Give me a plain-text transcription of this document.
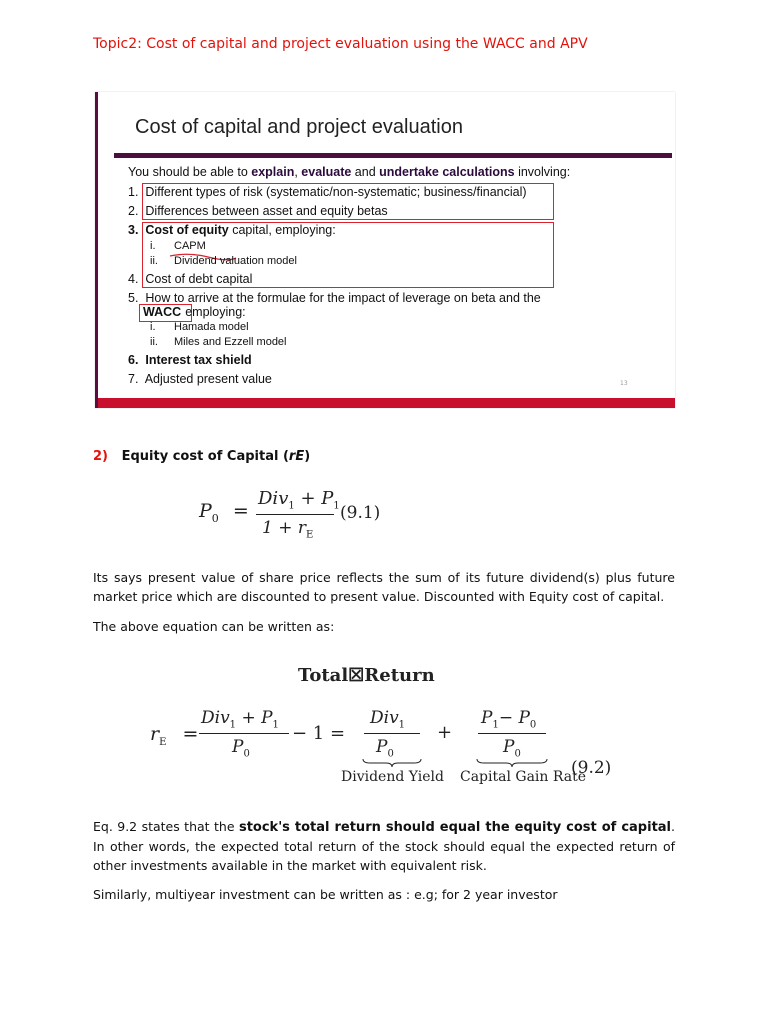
Topic2: Cost of capital and project evaluation using the WACC and APV
Cost of capital and project evaluation
You should be able to explain, evaluate and undertake calculations involving:
1. Different types of risk (systematic/non-systematic; business/financial)
2. Differences between asset and equity betas
3. Cost of equity capital, employing:
i. CAPM
ii. Dividend valuation model
4. Cost of debt capital
5. How to arrive at the formulae for the impact of leverage on beta and the
WACC employing:
i. Hamada model
ii. Miles and Ezzell model
6. Interest tax shield
7. Adjusted present value	13
2) Equity cost of Capital (rE)
$P_0$ =
$Div_1 + P_1$
$1 + r_E$
(9.1)
Its says present value of share price reflects the sum of its future dividend(s) plus future market price which are discounted to present value. Discounted with Equity cost of capital.
The above equation can be written as:
Total☒Return
$r_E$ =
$Div_1 + P_1$
$P_0$
− 1 =
Div$_1$
$P_0$
+
$P_1- P_0$
$P_0$
Dividend Yield Capital Gain Rate
(9.2)
Eq. 9.2 states that the stock's total return should equal the equity cost of capital. In other words, the expected total return of the stock should equal the expected return of other investments available in the market with equivalent risk.
Similarly, multiyear investment can be written as : e.g; for 2 year investor
